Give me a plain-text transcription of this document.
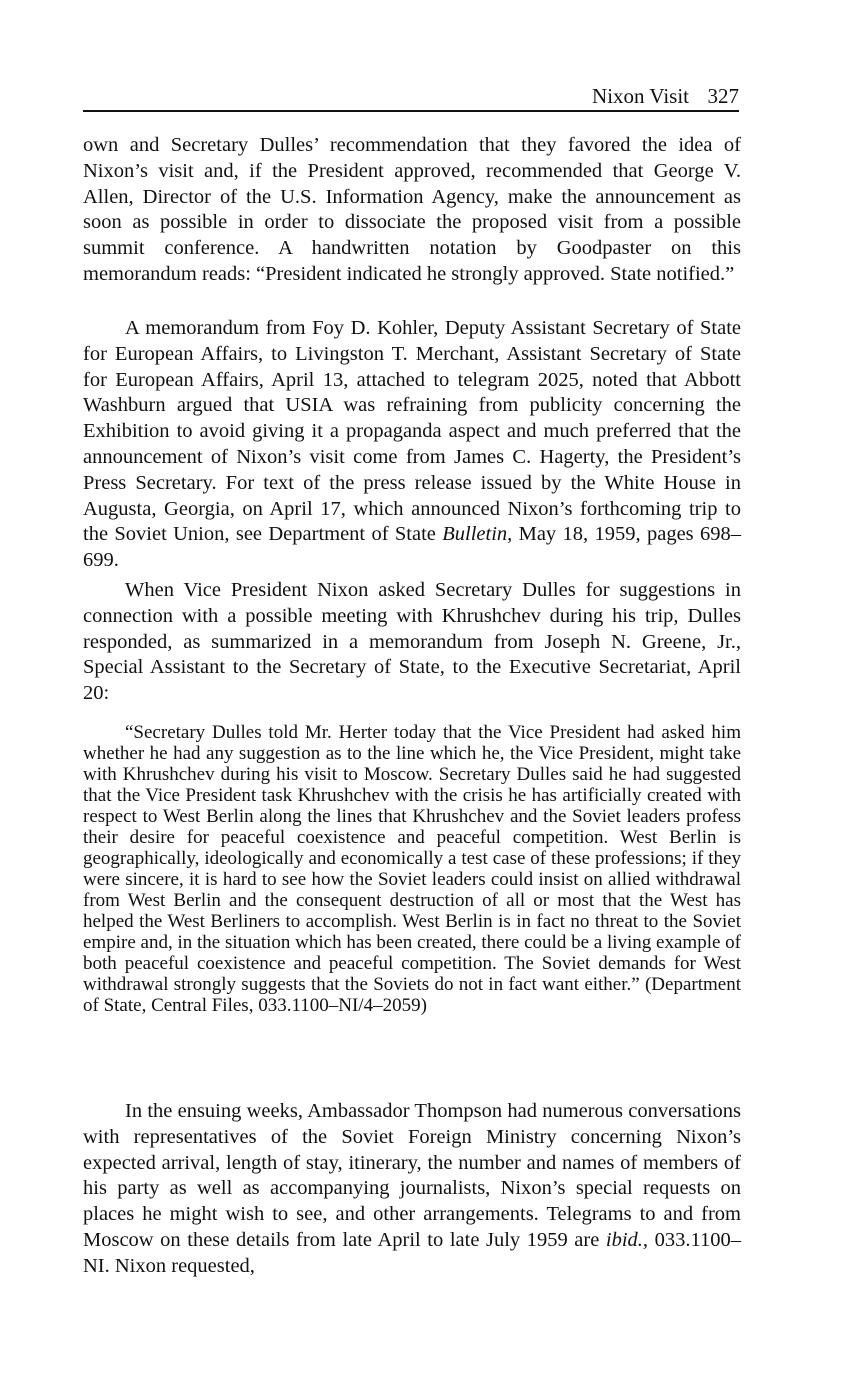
Nixon Visit 327

own and Secretary Dulles’ recommendation that they favored the idea of Nixon’s visit and, if the President approved, recommended that George V. Allen, Director of the U.S. Information Agency, make the announcement as soon as possible in order to dissociate the proposed visit from a possible summit conference. A handwritten notation by Goodpaster on this memorandum reads: “President indicated he strongly approved. State notified.”

A memorandum from Foy D. Kohler, Deputy Assistant Secretary of State for European Affairs, to Livingston T. Merchant, Assistant Secretary of State for European Affairs, April 13, attached to telegram 2025, noted that Abbott Washburn argued that USIA was refraining from publicity concerning the Exhibition to avoid giving it a propaganda aspect and much preferred that the announcement of Nixon’s visit come from James C. Hagerty, the President’s Press Secretary. For text of the press release issued by the White House in Augusta, Georgia, on April 17, which announced Nixon’s forthcoming trip to the Soviet Union, see Department of State Bulletin, May 18, 1959, pages 698–699.

When Vice President Nixon asked Secretary Dulles for suggestions in connection with a possible meeting with Khrushchev during his trip, Dulles responded, as summarized in a memorandum from Joseph N. Greene, Jr., Special Assistant to the Secretary of State, to the Executive Secretariat, April 20:

“Secretary Dulles told Mr. Herter today that the Vice President had asked him whether he had any suggestion as to the line which he, the Vice President, might take with Khrushchev during his visit to Moscow. Secretary Dulles said he had suggested that the Vice President task Khrushchev with the crisis he has artificially created with respect to West Berlin along the lines that Khrushchev and the Soviet leaders profess their desire for peaceful coexistence and peaceful competition. West Berlin is geographically, ideologically and economically a test case of these professions; if they were sincere, it is hard to see how the Soviet leaders could insist on allied withdrawal from West Berlin and the consequent destruction of all or most that the West has helped the West Berliners to accomplish. West Berlin is in fact no threat to the Soviet empire and, in the situation which has been created, there could be a living example of both peaceful coexistence and peaceful competition. The Soviet demands for West withdrawal strongly suggests that the Soviets do not in fact want either.” (Department of State, Central Files, 033.1100–NI/4–2059)

In the ensuing weeks, Ambassador Thompson had numerous conversations with representatives of the Soviet Foreign Ministry concerning Nixon’s expected arrival, length of stay, itinerary, the number and names of members of his party as well as accompanying journalists, Nixon’s special requests on places he might wish to see, and other arrangements. Telegrams to and from Moscow on these details from late April to late July 1959 are ibid., 033.1100–NI. Nixon requested,
